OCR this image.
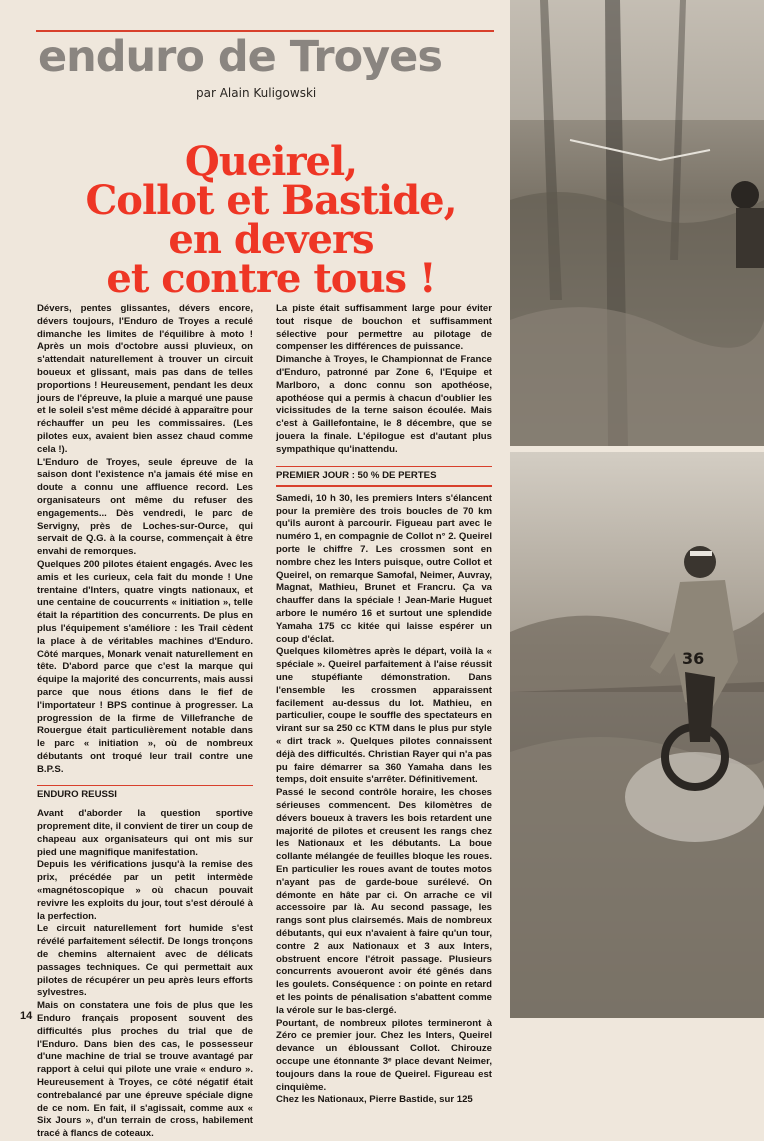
enduro de Troyes
par Alain Kuligowski
Queirel,
Collot et Bastide,
en devers
et contre tous !

Dévers, pentes glissantes, dévers encore, dévers toujours, l'Enduro de Troyes a reculé dimanche les limites de l'équilibre à moto ! Après un mois d'octobre aussi pluvieux, on s'attendait naturellement à trouver un circuit boueux et glissant, mais pas dans de telles proportions ! Heureusement, pendant les deux jours de l'épreuve, la pluie a marqué une pause et le soleil s'est même décidé à apparaître pour réchauffer un peu les commissaires. (Les pilotes eux, avaient bien assez chaud comme cela !).

L'Enduro de Troyes, seule épreuve de la saison dont l'existence n'a jamais été mise en doute a connu une affluence record. Les organisateurs ont même du refuser des engagements... Dès vendredi, le parc de Servigny, près de Loches-sur-Ource, qui servait de Q.G. à la course, commençait à être envahi de remorques.

Quelques 200 pilotes étaient engagés. Avec les amis et les curieux, cela fait du monde ! Une trentaine d'Inters, quatre vingts nationaux, et une centaine de coucurrents « initiation », telle était la répartition des concurrents. De plus en plus l'équipement s'améliore : les Trail cèdent la place à de véritables machines d'Enduro. Côté marques, Monark venait naturellement en tête. D'abord parce que c'est la marque qui équipe la majorité des concurrents, mais aussi parce que nous étions dans le fief de l'importateur ! BPS continue à progresser. La progression de la firme de Villefranche de Rouergue était particulièrement notable dans le parc « initiation », où de nombreux débutants ont troqué leur trail contre une B.P.S.

ENDURO REUSSI

Avant d'aborder la question sportive proprement dite, il convient de tirer un coup de chapeau aux organisateurs qui ont mis sur pied une magnifique manifestation.

Depuis les vérifications jusqu'à la remise des prix, précédée par un petit intermède «magnétoscopique » où chacun pouvait revivre les exploits du jour, tout s'est déroulé à la perfection.

Le circuit naturellement fort humide s'est révélé parfaitement sélectif. De longs tronçons de chemins alternaient avec de délicats passages techniques. Ce qui permettait aux pilotes de récupérer un peu après leurs efforts sylvestres.

Mais on constatera une fois de plus que les Enduro français proposent souvent des difficultés plus proches du trial que de l'Enduro. Dans bien des cas, le possesseur d'une machine de trial se trouve avantagé par rapport à celui qui pilote une vraie « enduro ». Heureusement à Troyes, ce côté négatif était contrebalancé par une épreuve spéciale digne de ce nom. En fait, il s'agissait, comme aux « Six Jours », d'un terrain de cross, habilement tracé à flancs de coteaux.

La piste était suffisamment large pour éviter tout risque de bouchon et suffisamment sélective pour permettre au pilotage de compenser les différences de puissance.

Dimanche à Troyes, le Championnat de France d'Enduro, patronné par Zone 6, l'Equipe et Marlboro, a donc connu son apothéose, apothéose qui a permis à chacun d'oublier les vicissitudes de la terne saison écoulée. Mais c'est à Gaillefontaine, le 8 décembre, que se jouera la finale. L'épilogue est d'autant plus sympathique qu'inattendu.

PREMIER JOUR : 50 % DE PERTES

Samedi, 10 h 30, les premiers Inters s'élancent pour la première des trois boucles de 70 km qu'ils auront à parcourir. Figueau part avec le numéro 1, en compagnie de Collot n° 2. Queirel porte le chiffre 7. Les crossmen sont en nombre chez les Inters puisque, outre Collot et Queirel, on remarque Samofal, Neimer, Auvray, Magnat, Mathieu, Brunet et Francru. Ça va chauffer dans la spéciale ! Jean-Marie Huguet arbore le numéro 16 et surtout une splendide Yamaha 175 cc kitée qui laisse espérer un coup d'éclat.

Quelques kilomètres après le départ, voilà la « spéciale ». Queirel parfaitement à l'aise réussit une stupéfiante démonstration. Dans l'ensemble les crossmen apparaissent facilement au-dessus du lot. Mathieu, en particulier, coupe le souffle des spectateurs en virant sur sa 250 cc KTM dans le plus pur style « dirt track ». Quelques pilotes connaissent déjà des difficultés. Christian Rayer qui n'a pas pu faire démarrer sa 360 Yamaha dans les temps, doit ensuite s'arrêter. Définitivement.

Passé le second contrôle horaire, les choses sérieuses commencent. Des kilomètres de dévers boueux à travers les bois retardent une majorité de pilotes et creusent les rangs chez les Nationaux et les débutants. La boue collante mélangée de feuilles bloque les roues. En particulier les roues avant de toutes motos n'ayant pas de garde-boue surélevé. On démonte en hâte par ci. On arrache ce vil accessoire par là. Au second passage, les rangs sont plus clairsemés. Mais de nombreux débutants, qui eux n'avaient à faire qu'un tour, contre 2 aux Nationaux et 3 aux Inters, obstruent encore l'étroit passage. Plusieurs concurrents avoueront avoir été gênés dans les goulets. Conséquence : on pointe en retard et les points de pénalisation s'abattent comme la vérole sur le bas-clergé.

Pourtant, de nombreux pilotes termineront à Zéro ce premier jour. Chez les Inters, Queirel devance un ébloussant Collot. Chirouze occupe une étonnante 3ᵉ place devant Neimer, toujours dans la roue de Queirel. Figureau est cinquième.

Chez les Nationaux, Pierre Bastide, sur 125

14
36
